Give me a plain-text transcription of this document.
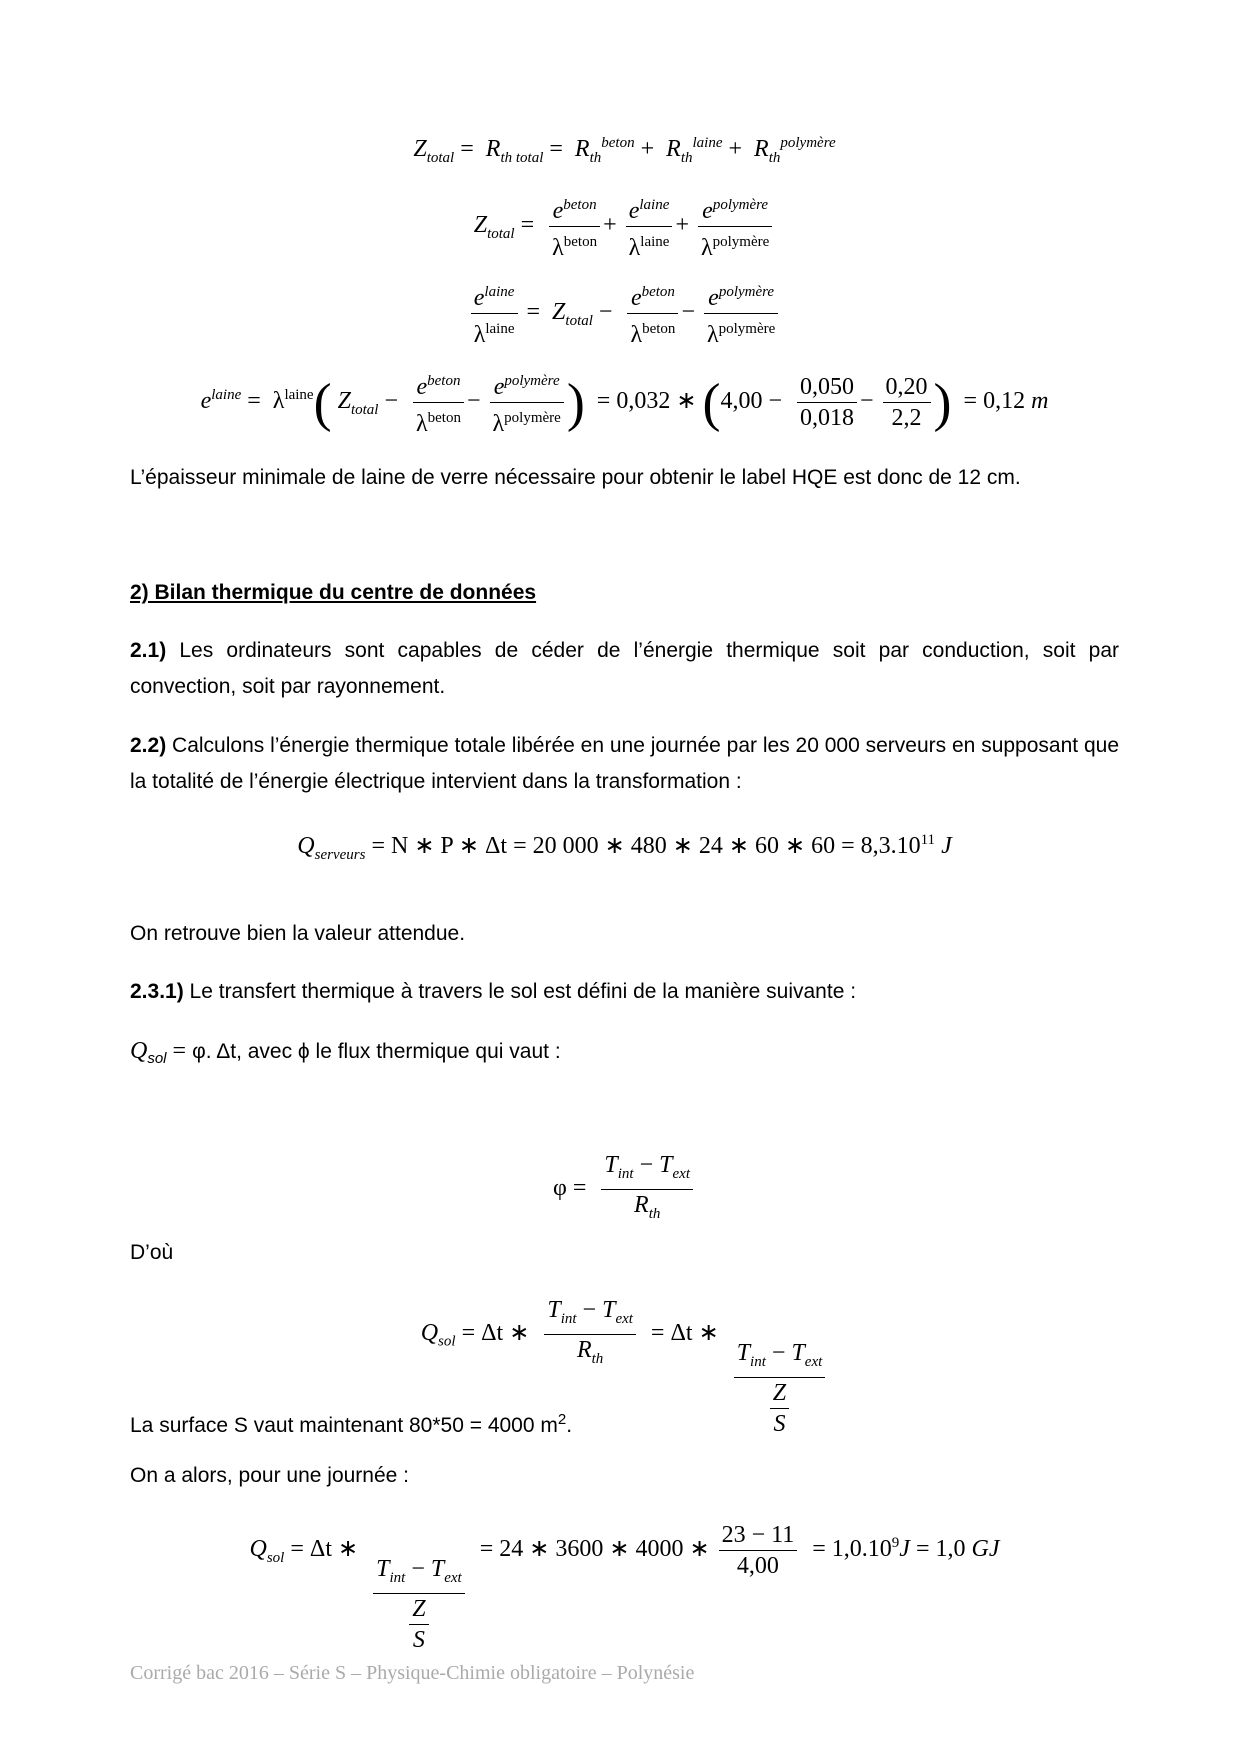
$Z_{total} = R_{th total} = R_{th}^{beton} + R_{th}^{laine} + R_{th}^{polymère}$
$Z_{total} = \frac{e^{beton}}{\lambda^{beton}} + \frac{e^{laine}}{\lambda^{laine}} + \frac{e^{polymère}}{\lambda^{polymère}}$
$\frac{e^{laine}}{\lambda^{laine}} = Z_{total} - \frac{e^{beton}}{\lambda^{beton}} - \frac{e^{polymère}}{\lambda^{polymère}}$
$e^{laine} = \lambda^{laine}$( $Z_{total} - \frac{e^{beton}}{\lambda^{beton}} - \frac{e^{polymère}}{\lambda^{polymère}}$ ) = 0,032 ∗ ($4,00 - \frac{0,050}{0,018} - \frac{0,20}{2,2}$ ) = 0,12 m
L’épaisseur minimale de laine de verre nécessaire pour obtenir le label HQE est donc de 12 cm.
2) Bilan thermique du centre de données
2.1) Les ordinateurs sont capables de céder de l’énergie thermique soit par conduction, soit par convection, soit par rayonnement.
2.2) Calculons l’énergie thermique totale libérée en une journée par les 20 000 serveurs en supposant que la totalité de l’énergie électrique intervient dans la transformation :
$Q_{serveurs} = N$ ∗ P ∗ Δt = 20 000 ∗ 480 ∗ 24 ∗ 60 ∗ $60 = 8,3.10^{11}$ J
On retrouve bien la valeur attendue.
2.3.1) Le transfert thermique à travers le sol est défini de la manière suivante :
$Q_{sol} = \varphi$. Δt, avec ϕ le flux thermique qui vaut :
$\varphi = \frac{T_{int} - T_{ext}}{R_{th}}$
D’où
$Q_{sol} = \Delta t$ ∗ $\frac{T_{int} - T_{ext}}{R_{th}} = \Delta t$ ∗
$\frac{T_{int} - T_{ext}}{\frac{Z}{S}}$
La surface S vaut maintenant 80*50 = 4000 $m^2$.
On a alors, pour une journée :
$Q_{sol} = \Delta t$ ∗
$\frac{T_{int} - T_{ext}}{\frac{Z}{S}}$
= 24 ∗ 3600 ∗ 4000 ∗ $\frac{23 - 11}{4,00} = 1,0.10^9J = 1,0$ GJ
Corrigé bac 2016 – Série S – Physique-Chimie obligatoire – Polynésie
